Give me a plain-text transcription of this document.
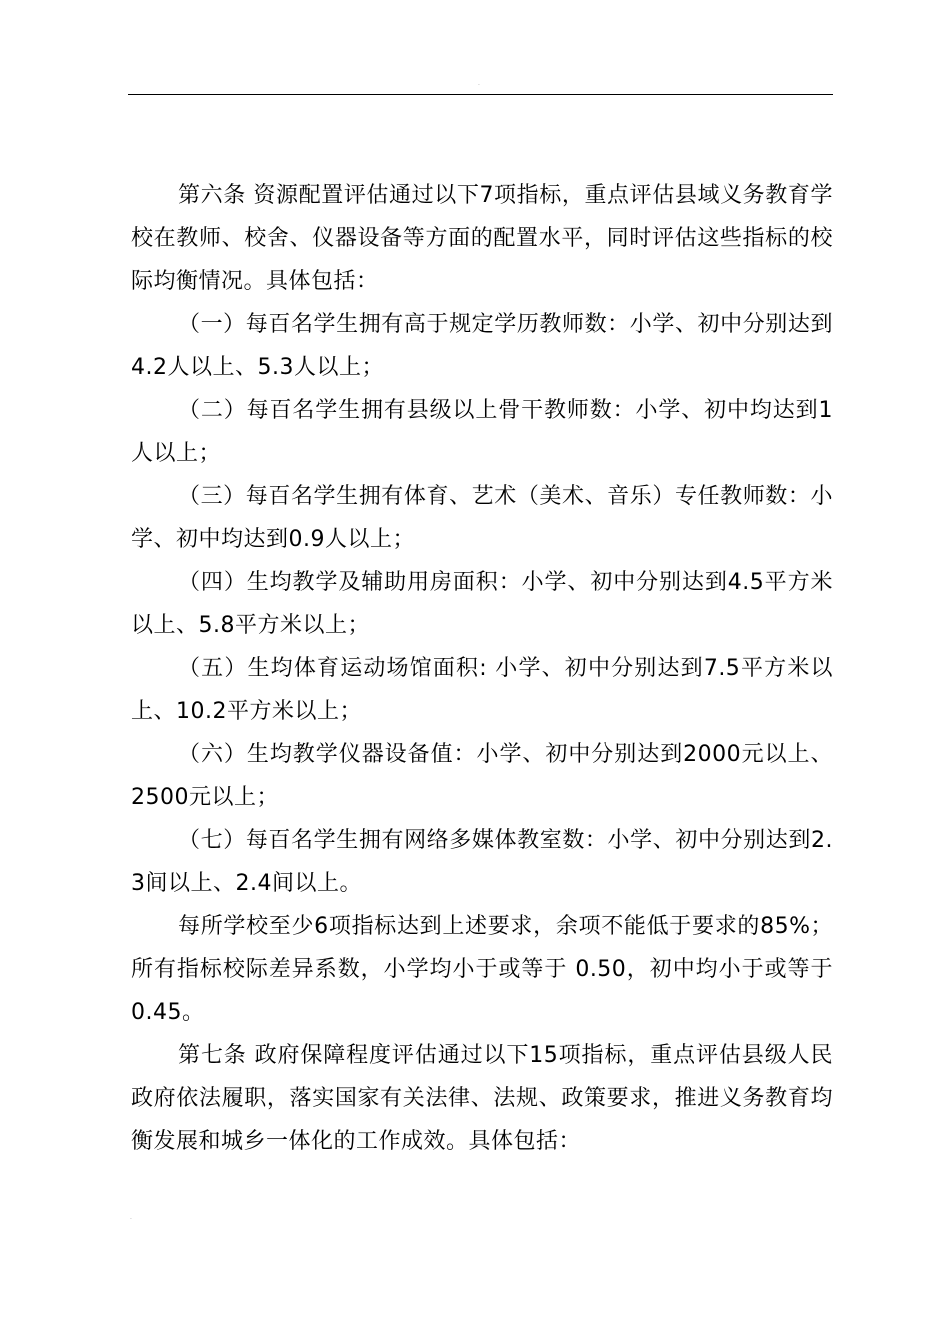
·

第六条 资源配置评估通过以下7项指标，重点评估县域义务教育学校在教师、校舍、仪器设备等方面的配置水平，同时评估这些指标的校际均衡情况。具体包括：

（一）每百名学生拥有高于规定学历教师数：小学、初中分别达到4.2人以上、5.3人以上；

（二）每百名学生拥有县级以上骨干教师数：小学、初中均达到1人以上；

（三）每百名学生拥有体育、艺术（美术、音乐）专任教师数：小学、初中均达到0.9人以上；

（四）生均教学及辅助用房面积：小学、初中分别达到4.5平方米以上、5.8平方米以上；

（五）生均体育运动场馆面积: 小学、初中分别达到7.5平方米以上、10.2平方米以上；

（六）生均教学仪器设备值：小学、初中分别达到2000元以上、2500元以上；

（七）每百名学生拥有网络多媒体教室数：小学、初中分别达到2.3间以上、2.4间以上。

每所学校至少6项指标达到上述要求，余项不能低于要求的85%；所有指标校际差异系数，小学均小于或等于 0.50，初中均小于或等于0.45。

第七条 政府保障程度评估通过以下15项指标，重点评估县级人民政府依法履职，落实国家有关法律、法规、政策要求，推进义务教育均衡发展和城乡一体化的工作成效。具体包括：

.
